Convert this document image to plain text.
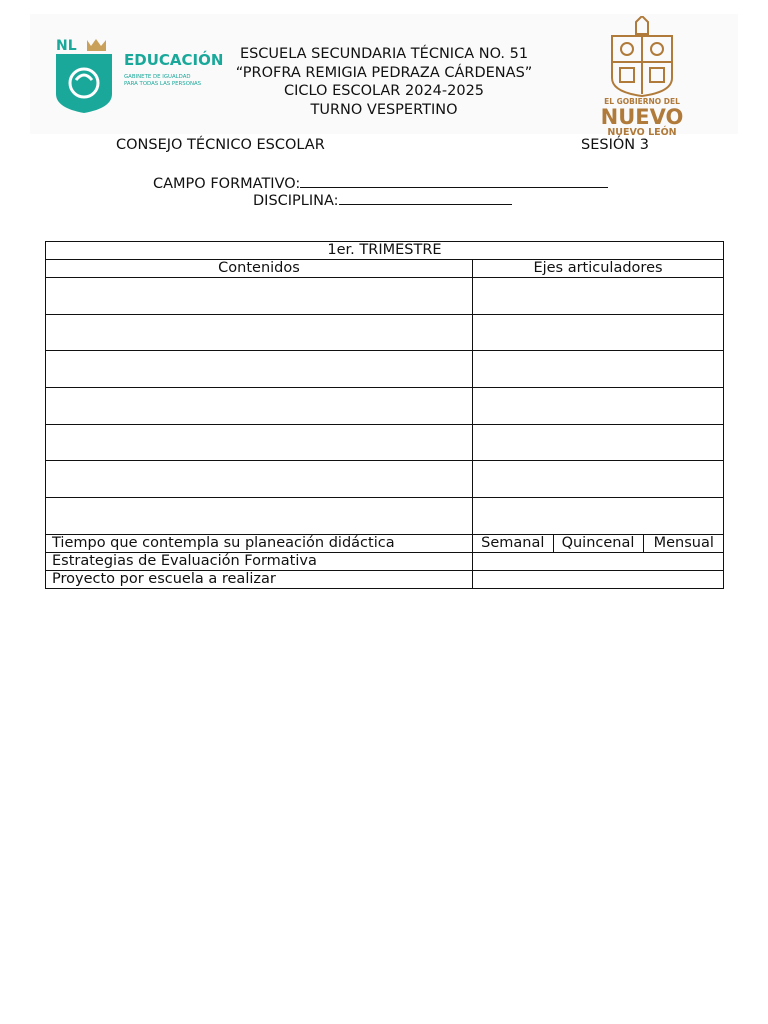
NL
EDUCACIÓN
GABINETE DE IGUALDAD
PARA TODAS LAS PERSONAS
EL GOBIERNO DEL
NUEVO
NUEVO LEÓN
ESCUELA SECUNDARIA TÉCNICA NO. 51
“PROFRA REMIGIA PEDRAZA CÁRDENAS”
CICLO ESCOLAR 2024-2025
TURNO VESPERTINO
CONSEJO TÉCNICO ESCOLAR	SESIÓN 3
CAMPO FORMATIVO:
DISCIPLINA:
1er. TRIMESTRE
Contenidos	Ejes articuladores

Tiempo que contempla su planeación didáctica		Semanal	Quincenal	Mensual

Estrategias de Evaluación Formativa	
Proyecto por escuela a realizar	
